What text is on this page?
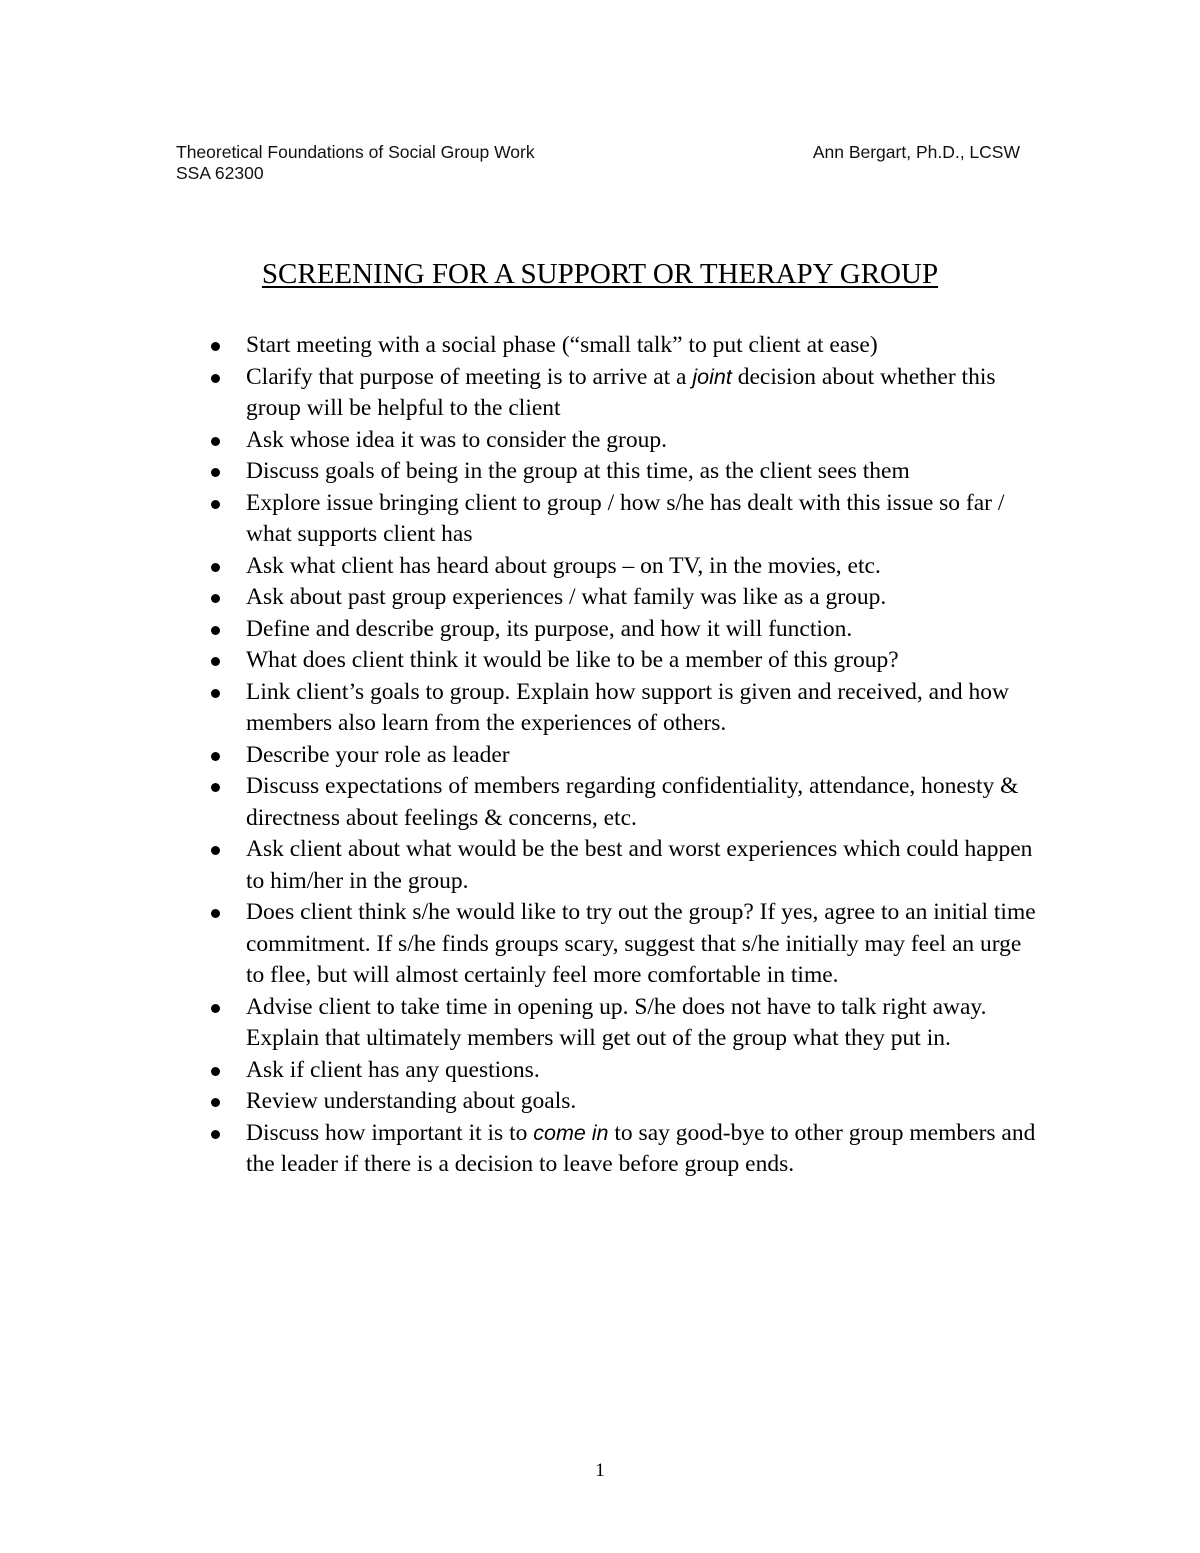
Theoretical Foundations of Social Group Work	Ann Bergart, Ph.D., LCSW
SSA 62300
SCREENING FOR A SUPPORT OR THERAPY GROUP
Start meeting with a social phase (“small talk” to put client at ease)
Clarify that purpose of meeting is to arrive at a joint decision about whether this group will be helpful to the client
Ask whose idea it was to consider the group.
Discuss goals of being in the group at this time, as the client sees them
Explore issue bringing client to group / how s/he has dealt with this issue so far / what supports client has
Ask what client has heard about groups – on TV, in the movies, etc.
Ask about past group experiences / what family was like as a group.
Define and describe group, its purpose, and how it will function.
What does client think it would be like to be a member of this group?
Link client’s goals to group. Explain how support is given and received, and how members also learn from the experiences of others.
Describe your role as leader
Discuss expectations of members regarding confidentiality, attendance, honesty & directness about feelings & concerns, etc.
Ask client about what would be the best and worst experiences which could happen to him/her in the group.
Does client think s/he would like to try out the group? If yes, agree to an initial time commitment. If s/he finds groups scary, suggest that s/he initially may feel an urge to flee, but will almost certainly feel more comfortable in time.
Advise client to take time in opening up. S/he does not have to talk right away. Explain that ultimately members will get out of the group what they put in.
Ask if client has any questions.
Review understanding about goals.
Discuss how important it is to come in to say good-bye to other group members and the leader if there is a decision to leave before group ends.
1
